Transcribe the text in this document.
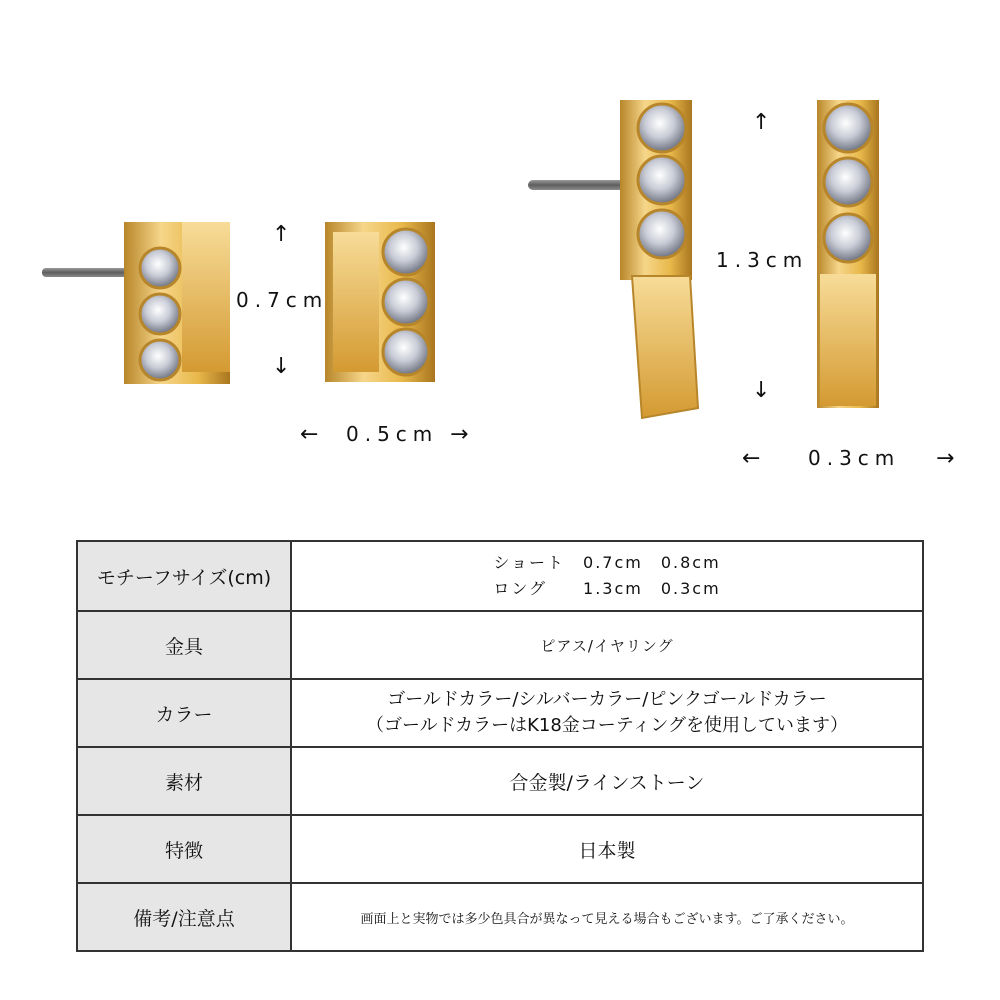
↑
0.7cm
↓
← 0.5cm →
↑
1.3cm
↓
← 0.3cm →
モチーフサイズ(cm)	ショート　0.7cm　0.8cm
ロング　　1.3cm　0.3cm

金具	ピアス/イヤリング
カラー	ゴールドカラー/シルバーカラー/ピンクゴールドカラー
（ゴールドカラーはK18金コーティングを使用しています）

素材	合金製/ラインストーン
特徴	日本製
備考/注意点	画面上と実物では多少色具合が異なって見える場合もございます。ご了承ください。
